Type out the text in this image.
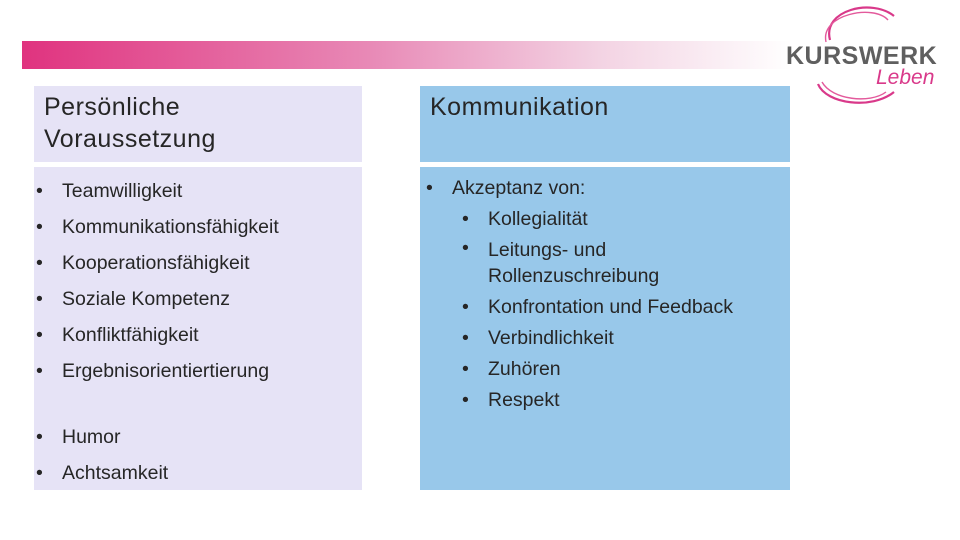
KURSWERK
Leben
Persönliche
Voraussetzung
• Teamwilligkeit
• Kommunikationsfähigkeit
• Kooperationsfähigkeit
• Soziale Kompetenz
• Konfliktfähigkeit
• Ergebnisorientiertierung
• Humor
• Achtsamkeit
Kommunikation
• Akzeptanz von:
• Kollegialität
• Leitungs- und Rollenzuschreibung
• Konfrontation und Feedback
• Verbindlichkeit
• Zuhören
• Respekt
